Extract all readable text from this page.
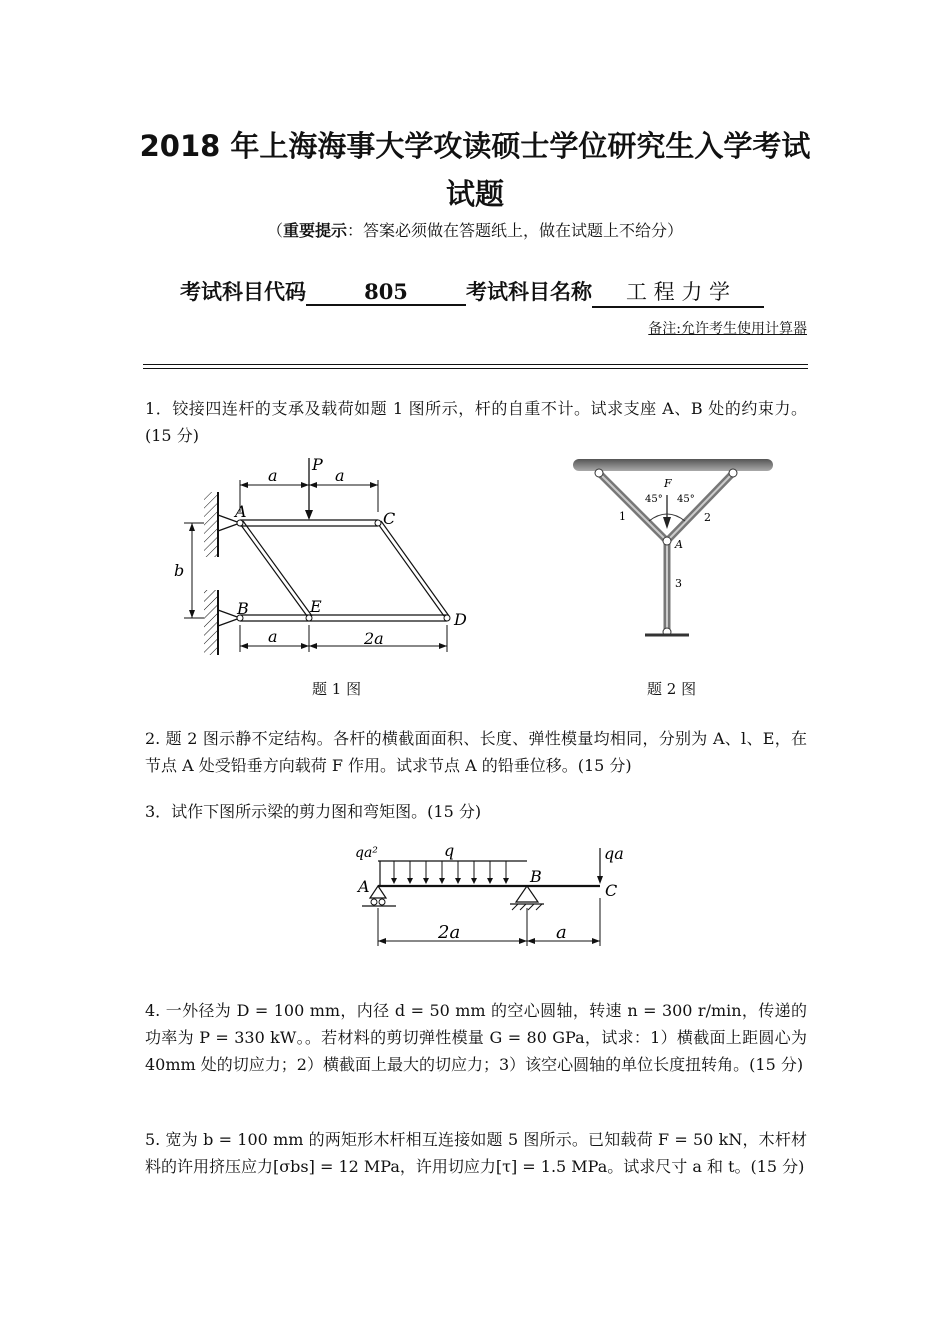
2018 年上海海事大学攻读硕士学位研究生入学考试
试题
（重要提示：答案必须做在答题纸上，做在试题上不给分）
考试科目代码	805	考试科目名称 工 程 力 学
备注:允许考生使用计算器
1．铰接四连杆的支承及载荷如题 1 图所示，杆的自重不计。试求支座 A、B 处的约束力。(15 分)
P
a	a
b
a	2a
A	C
B	E
D
题 1 图
F
45° 45°
1	2
A
3
题 2 图
2. 题 2 图示静不定结构。各杆的横截面面积、长度、弹性模量均相同，分别为 A、l、E，在节点 A 处受铅垂方向载荷 F 作用。试求节点 A 的铅垂位移。(15 分)
3．试作下图所示梁的剪力图和弯矩图。(15 分)
q
qa²
A
B
qa
C
2a	a
4. 一外径为 D = 100 mm，内径 d = 50 mm 的空心圆轴，转速 n = 300 r/min，传递的功率为 P = 330 kW。。若材料的剪切弹性模量 G = 80 GPa，试求：1）横截面上距圆心为40mm 处的切应力；2）横截面上最大的切应力；3）该空心圆轴的单位长度扭转角。(15 分)
5. 宽为 b = 100 mm 的两矩形木杆相互连接如题 5 图所示。已知载荷 F = 50 kN，木杆材料的许用挤压应力[σbs] = 12 MPa，许用切应力[τ] = 1.5 MPa。试求尺寸 a 和 t。(15 分)
